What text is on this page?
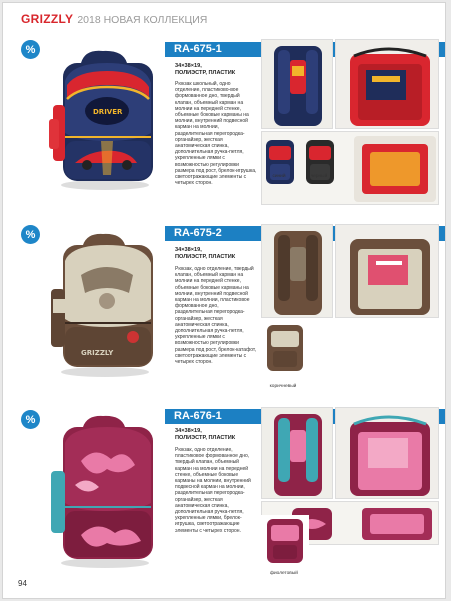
GRIZZLY 2018 НОВАЯ КОЛЛЕКЦИЯ
%
DRIVER
RA-675-1
34×38×19,
ПОЛИЭСТР, ПЛАСТИК
Рюкзак школьный, одно отделение, пластиково-вое формованное дно, твердый клапан, объемный карман на молнии на передней стенке, объемные боковые карманы на молнии, внутренний подвесной карман на молнии, разделительная перегородка-органайзер, жесткая анатомическая спинка, дополнительная ручка-петля, укрепленные лямки с возможностью регулировки размера под рост, брелок-игрушка, светоотражающие элементы с четырех сторон.
синий	черный
%
GRIZZLY
RA-675-2
34×38×19,
ПОЛИЭСТР, ПЛАСТИК
Рюкзак, одно отделение, твердый клапан, объемный карман на молнии на передней стенке, объемные боковые карманы на молнии, внутренний подвесной карман на молнии, пластиковое формованное дно, разделительная перегородка-органайзер, жесткая анатомическая спинка, дополнительная ручка-петля, укрепленные лямки с возможностью регулировки размера под рост, брелок-катафот, светоотражающие элементы с четырех сторон.
коричневый
%	RA-676-1
34×38×19,
ПОЛИЭСТР, ПЛАСТИК
Рюкзак, одно отделение, пластиковое формованное дно, твердый клапан, объемный карман на молнии на передней стенке, объемные боковые карманы на молнии, внутренний подвесной карман на молнии, разделительная перегородка-органайзер, жесткая анатомическая спинка, дополнительная ручка-петля, укрепленные лямки, брелок-игрушка, светоотражающие элементы с четырех сторон.
фиолетовый
94
